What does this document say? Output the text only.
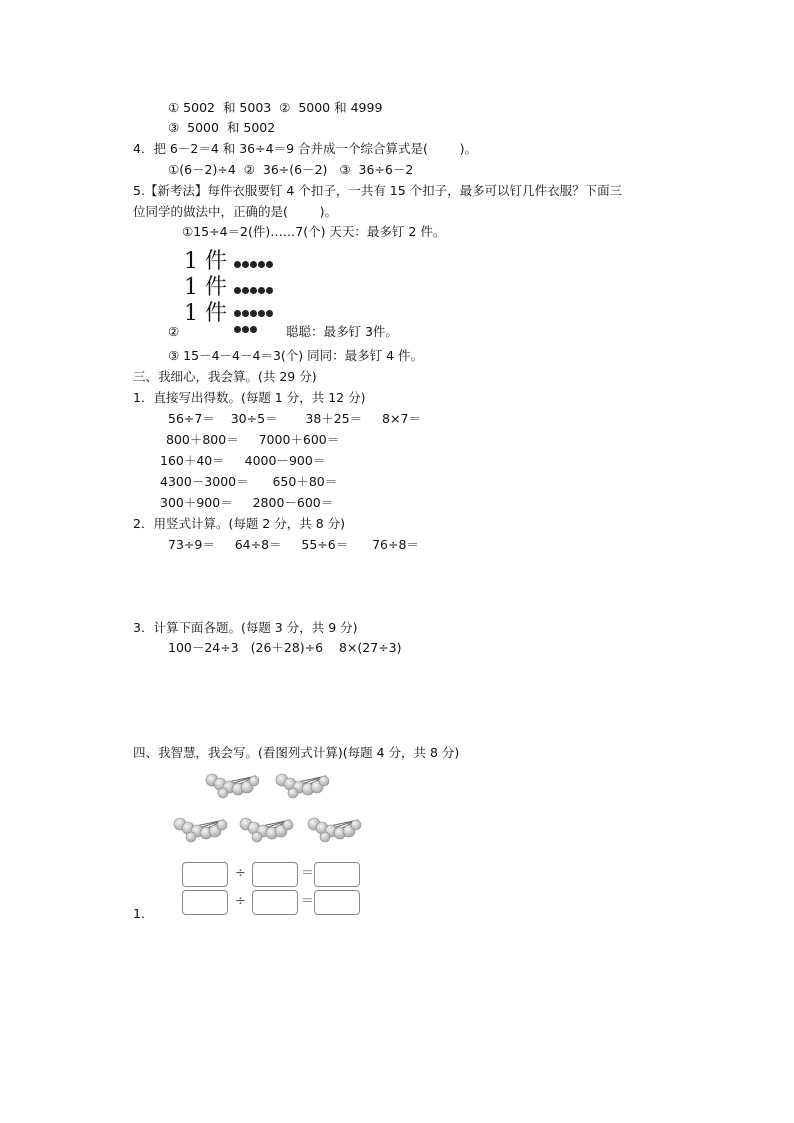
① 5002  和 5003  ②  5000 和 4999
③  5000  和 5002
4．把 6－2＝4 和 36÷4＝9 合并成一个综合算式是(        )。
①(6－2)÷4  ②  36÷(6－2)   ③  36÷6－2
5.【新考法】每件衣服要钉 4 个扣子，一共有 15 个扣子，最多可以钉几件衣服？下面三
位同学的做法中，正确的是(        )。
①15÷4＝2(件)……7(个) 天天：最多钉 2 件。
1 件
1 件
1 件
②	聪聪：最多钉 3件。
③ 15－4－4－4＝3(个) 同同：最多钉 4 件。
三、我细心，我会算。(共 29 分)
1．直接写出得数。(每题 1 分，共 12 分)
56÷7＝    30÷5＝       38＋25＝     8×7＝
800＋800＝     7000＋600＝
160＋40＝     4000－900＝
4300－3000＝      650＋80＝
300＋900＝     2800－600＝
2．用竖式计算。(每题 2 分，共 8 分)
73÷9＝     64÷8＝     55÷6＝      76÷8＝
3．计算下面各题。(每题 3 分，共 9 分)
100－24÷3   (26＋28)÷6    8×(27÷3)
四、我智慧，我会写。(看图列式计算)(每题 4 分，共 8 分)
÷	＝
÷	＝
1．
